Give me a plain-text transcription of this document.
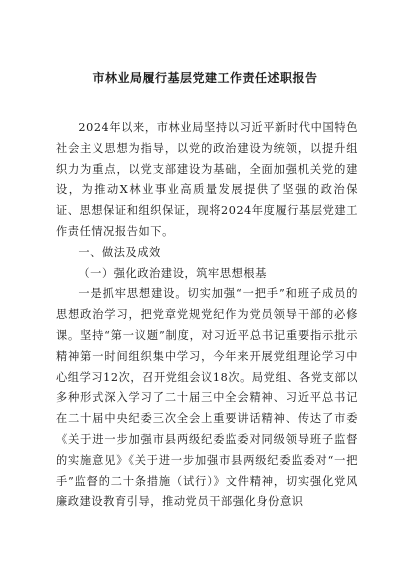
市林业局履行基层党建工作责任述职报告

2024年以来，市林业局坚持以习近平新时代中国特色社会主义思想为指导，以党的政治建设为统领，以提升组织力为重点，以党支部建设为基础，全面加强机关党的建设，为推动X林业事业高质量发展提供了坚强的政治保证、思想保证和组织保证，现将2024年度履行基层党建工作责任情况报告如下。

一、做法及成效

（一）强化政治建设，筑牢思想根基

一是抓牢思想建设。切实加强“一把手”和班子成员的思想政治学习，把党章党规党纪作为党员领导干部的必修课。坚持“第一议题”制度，对习近平总书记重要指示批示精神第一时间组织集中学习，今年来开展党组理论学习中心组学习12次，召开党组会议18次。局党组、各党支部以多种形式深入学习了二十届三中全会精神、习近平总书记在二十届中央纪委三次全会上重要讲话精神、传达了市委《关于进一步加强市县两级纪委监委对同级领导班子监督的实施意见》《关于进一步加强市县两级纪委监委对“一把手”监督的二十条措施（试行）》文件精神，切实强化党风廉政建设教育引导，推动党员干部强化身份意识
